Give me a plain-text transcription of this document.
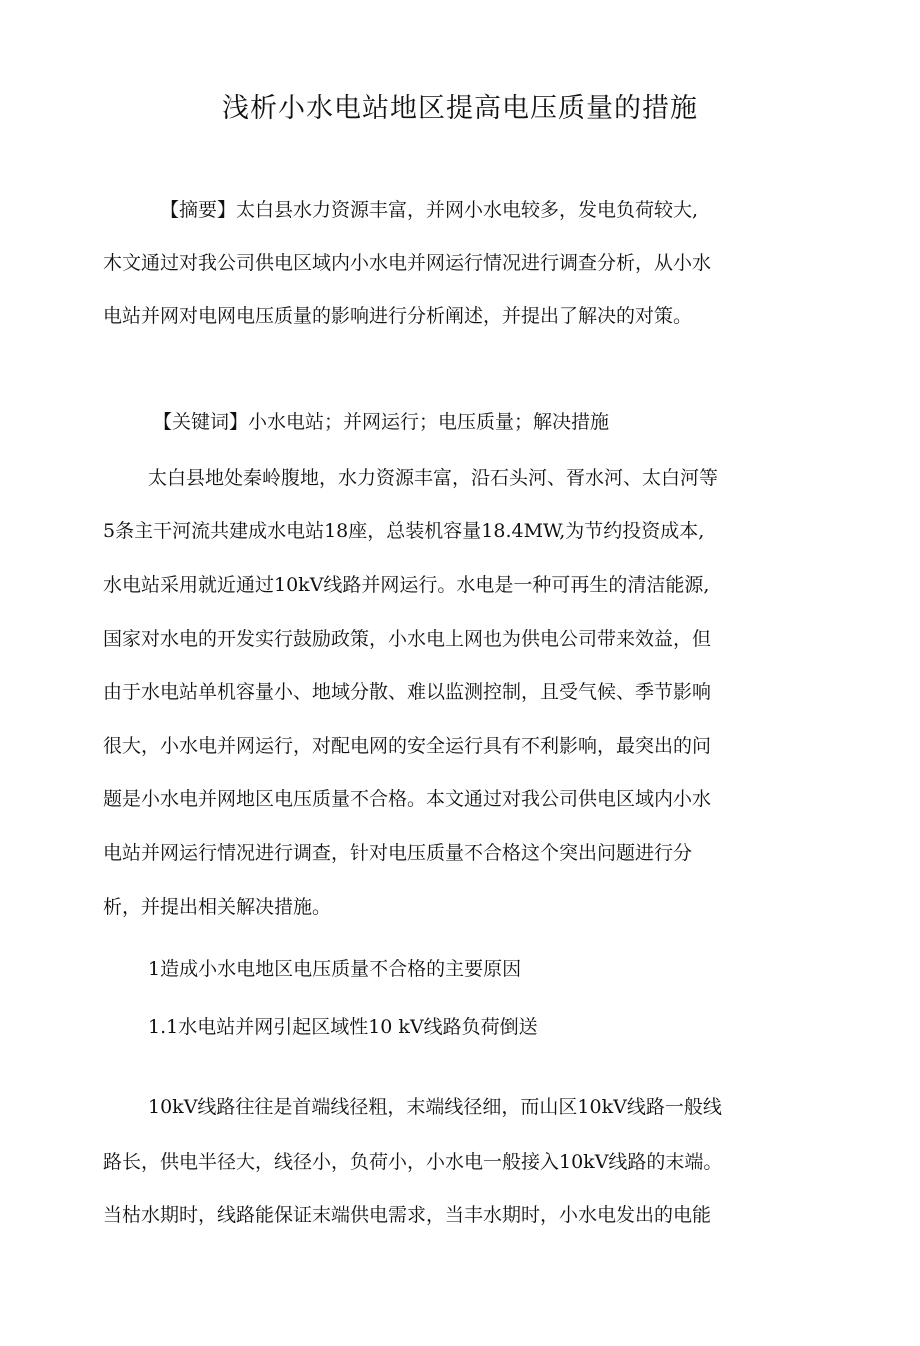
浅析小水电站地区提高电压质量的措施
【摘要】太白县水力资源丰富，并网小水电较多，发电负荷较大,
木文通过对我公司供电区域内小水电并网运行情况进行调查分析，从小水
电站并网对电网电压质量的影响进行分析阐述，并提出了解决的对策。
【关键词】小水电站；并网运行；电压质量；解决措施
太白县地处秦岭腹地，水力资源丰富，沿石头河、胥水河、太白河等
5条主干河流共建成水电站18座，总装机容量18.4MW,为节约投资成本,
水电站采用就近通过10kV线路并网运行。水电是一种可再生的清洁能源,
国家对水电的开发实行鼓励政策，小水电上网也为供电公司带来效益，但
由于水电站单机容量小、地域分散、难以监测控制，且受气候、季节影响
很大，小水电并网运行，对配电网的安全运行具有不利影响，最突出的问
题是小水电并网地区电压质量不合格。本文通过对我公司供电区域内小水
电站并网运行情况进行调查，针对电压质量不合格这个突出问题进行分
析，并提出相关解决措施。
1造成小水电地区电压质量不合格的主要原因
1.1水电站并网引起区域性10 kV线路负荷倒送
10kV线路往往是首端线径粗，末端线径细，而山区10kV线路一般线
路长，供电半径大，线径小，负荷小，小水电一般接入10kV线路的末端。
当枯水期时，线路能保证末端供电需求，当丰水期时，小水电发出的电能
